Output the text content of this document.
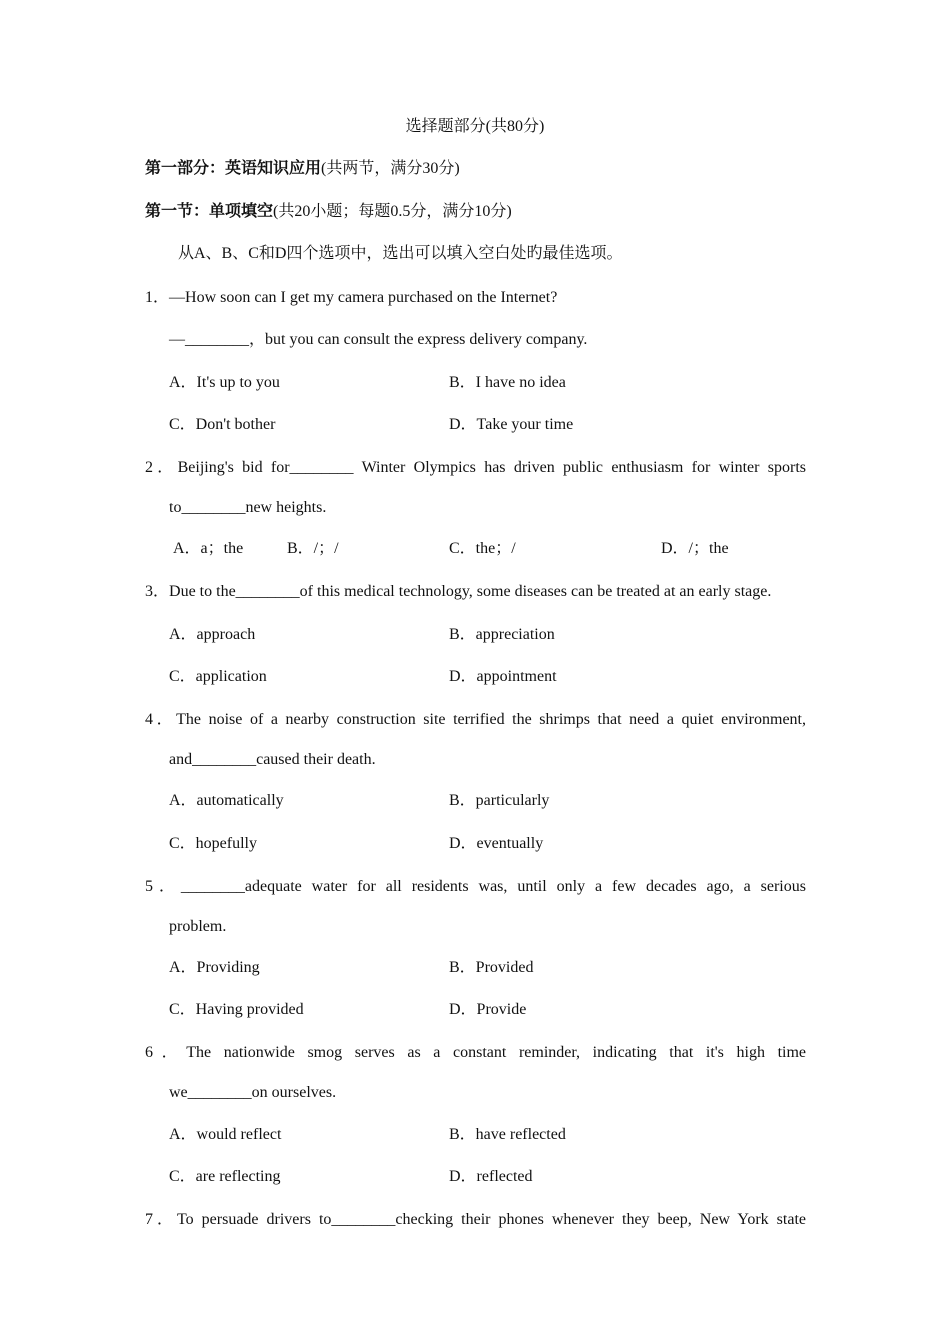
选择题部分(共80分)
第一部分：英语知识应用(共两节，满分30分)
第一节：单项填空(共20小题；每题0.5分，满分10分)
从A、B、C和D四个选项中，选出可以填入空白处旳最佳选项。
1．—How soon can I get my camera purchased on the Internet?
—________，but you can consult the express delivery company.
A．It's up to you	B．I have no idea
C．Don't bother	D．Take your time
2．Beijing's bid for________ Winter Olympics has driven public enthusiasm for winter sports
to________new heights.
A．a；the	B．/；/	C．the；/	D．/；the
3．Due to the________of this medical technology, some diseases can be treated at an early stage.
A．approach	B．appreciation
C．application	D．appointment
4．The noise of a nearby construction site terrified the shrimps that need a quiet environment,
and________caused their death.
A．automatically	B．particularly
C．hopefully	D．eventually
5．________adequate water for all residents was, until only a few decades ago, a serious
problem.
A．Providing	B．Provided
C．Having provided	D．Provide
6．The nationwide smog serves as a constant reminder, indicating that it's high time
we________on ourselves.
A．would reflect	B．have reflected
C．are reflecting	D．reflected
7．To persuade drivers to________checking their phones whenever they beep, New York state
